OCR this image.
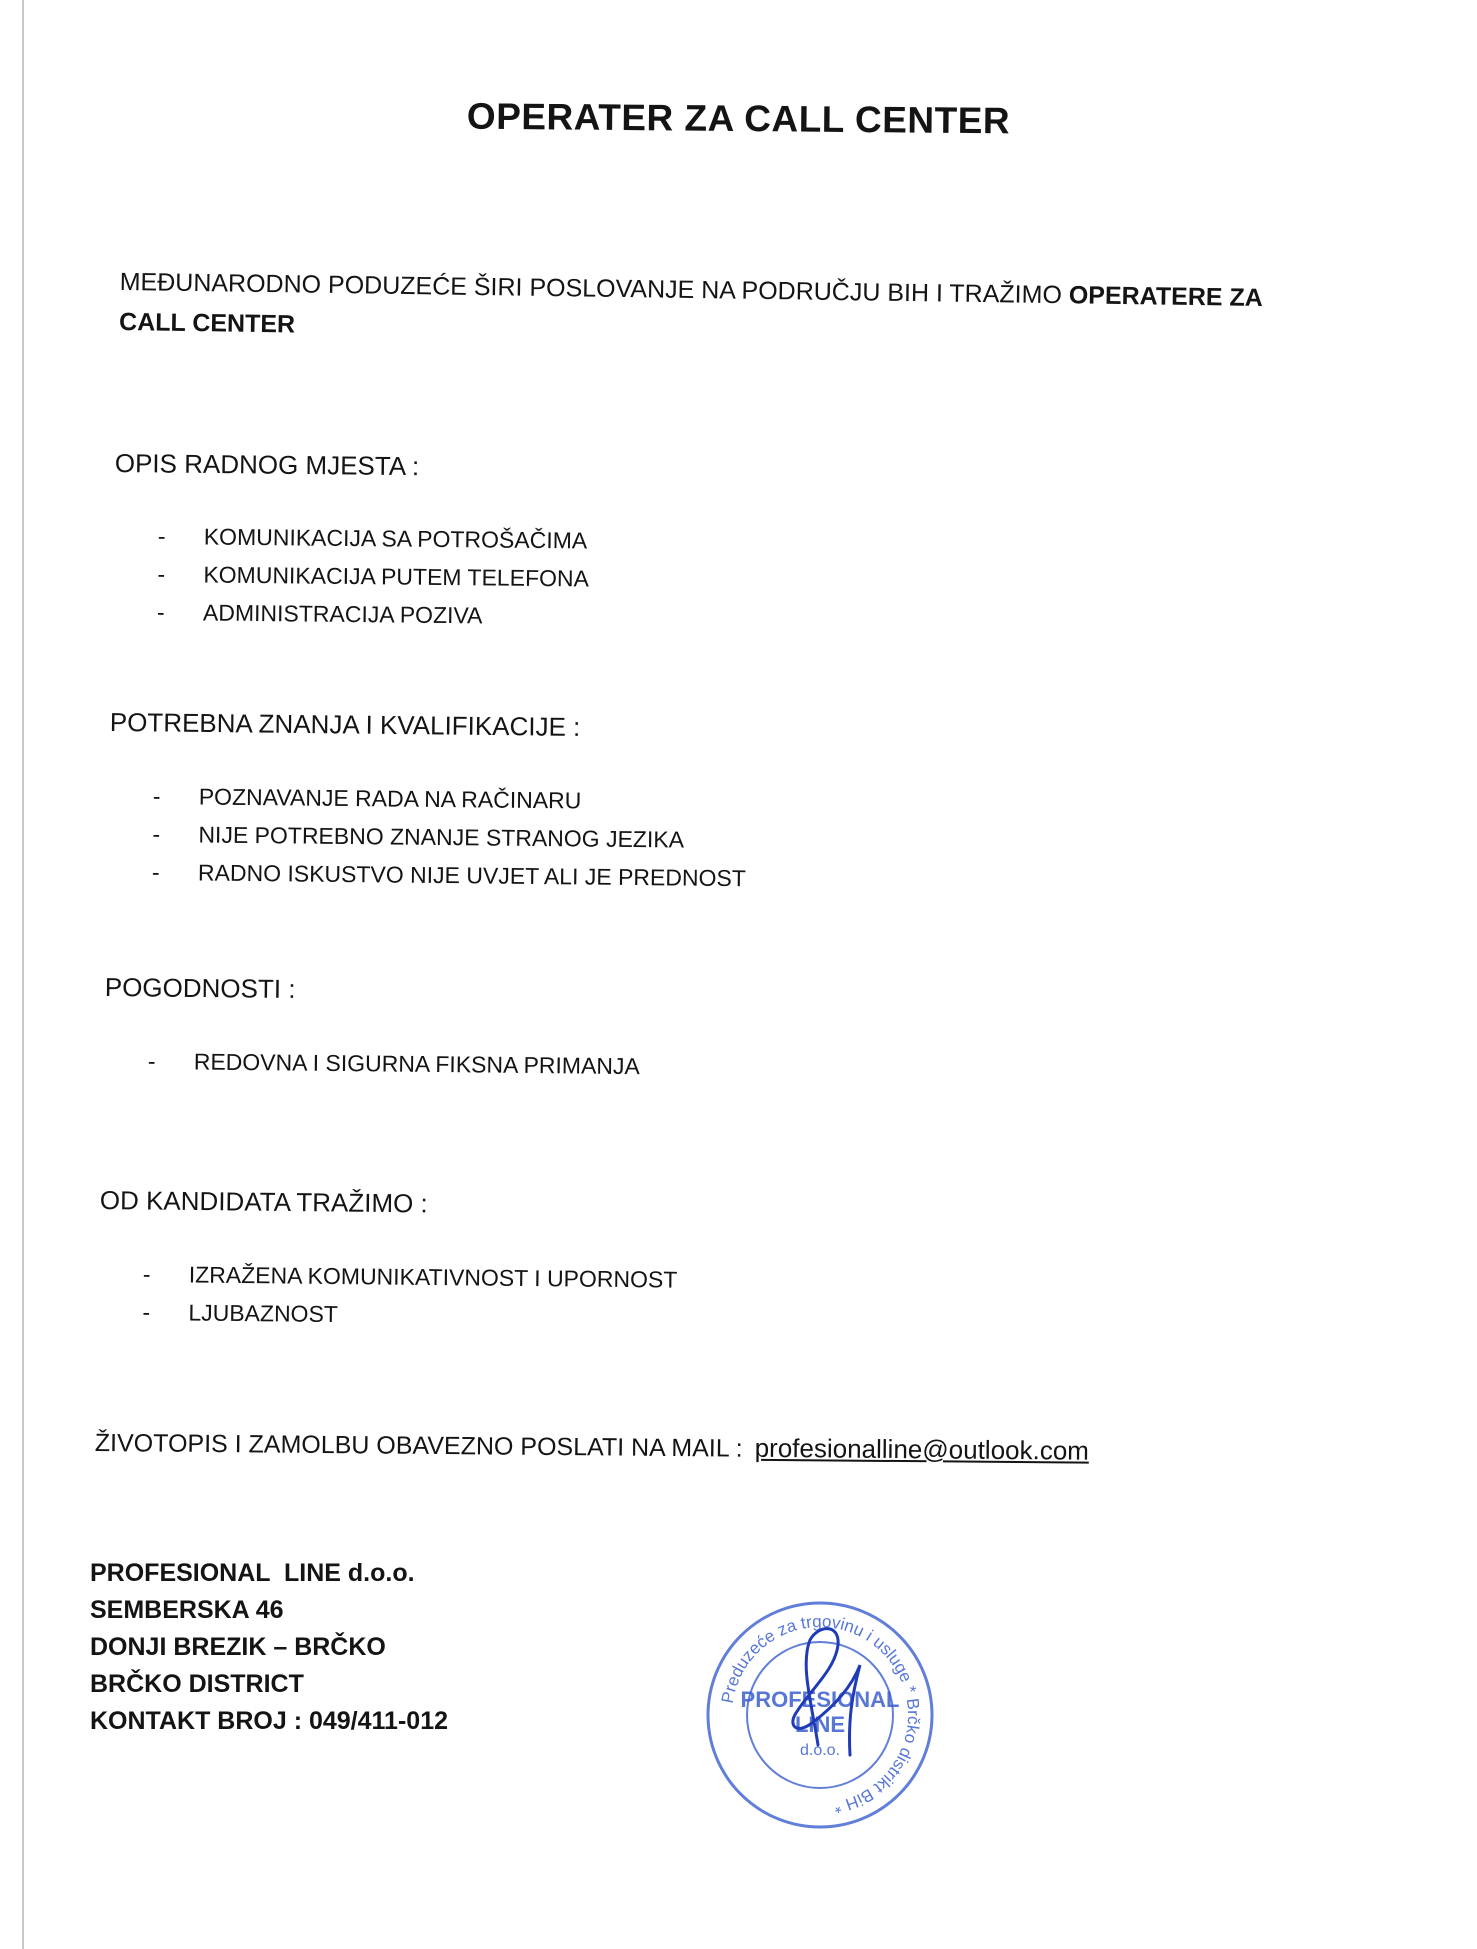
OPERATER ZA CALL CENTER
MEĐUNARODNO PODUZEĆE ŠIRI POSLOVANJE NA PODRUČJU BIH I TRAŽIMO OPERATERE ZA CALL CENTER
OPIS RADNOG MJESTA :
- KOMUNIKACIJA SA POTROŠAČIMA
- KOMUNIKACIJA PUTEM TELEFONA
- ADMINISTRACIJA POZIVA
POTREBNA ZNANJA I KVALIFIKACIJE :
- POZNAVANJE RADA NA RAČINARU
- NIJE POTREBNO ZNANJE STRANOG JEZIKA
- RADNO ISKUSTVO NIJE UVJET ALI JE PREDNOST
POGODNOSTI :
- REDOVNA I SIGURNA FIKSNA PRIMANJA
OD KANDIDATA TRAŽIMO :
- IZRAŽENA KOMUNIKATIVNOST I UPORNOST
- LJUBAZNOST
ŽIVOTOPIS I ZAMOLBU OBAVEZNO POSLATI NA MAIL : profesionalline@outlook.com
PROFESIONAL  LINE d.o.o.
SEMBERSKA 46
DONJI BREZIK – BRČKO
BRČKO DISTRICT
KONTAKT BROJ : 049/411-012
Preduzeće za trgovinu i usluge * Brčko distrikt BiH *
PROFESIONAL
LINE
d.o.o.
